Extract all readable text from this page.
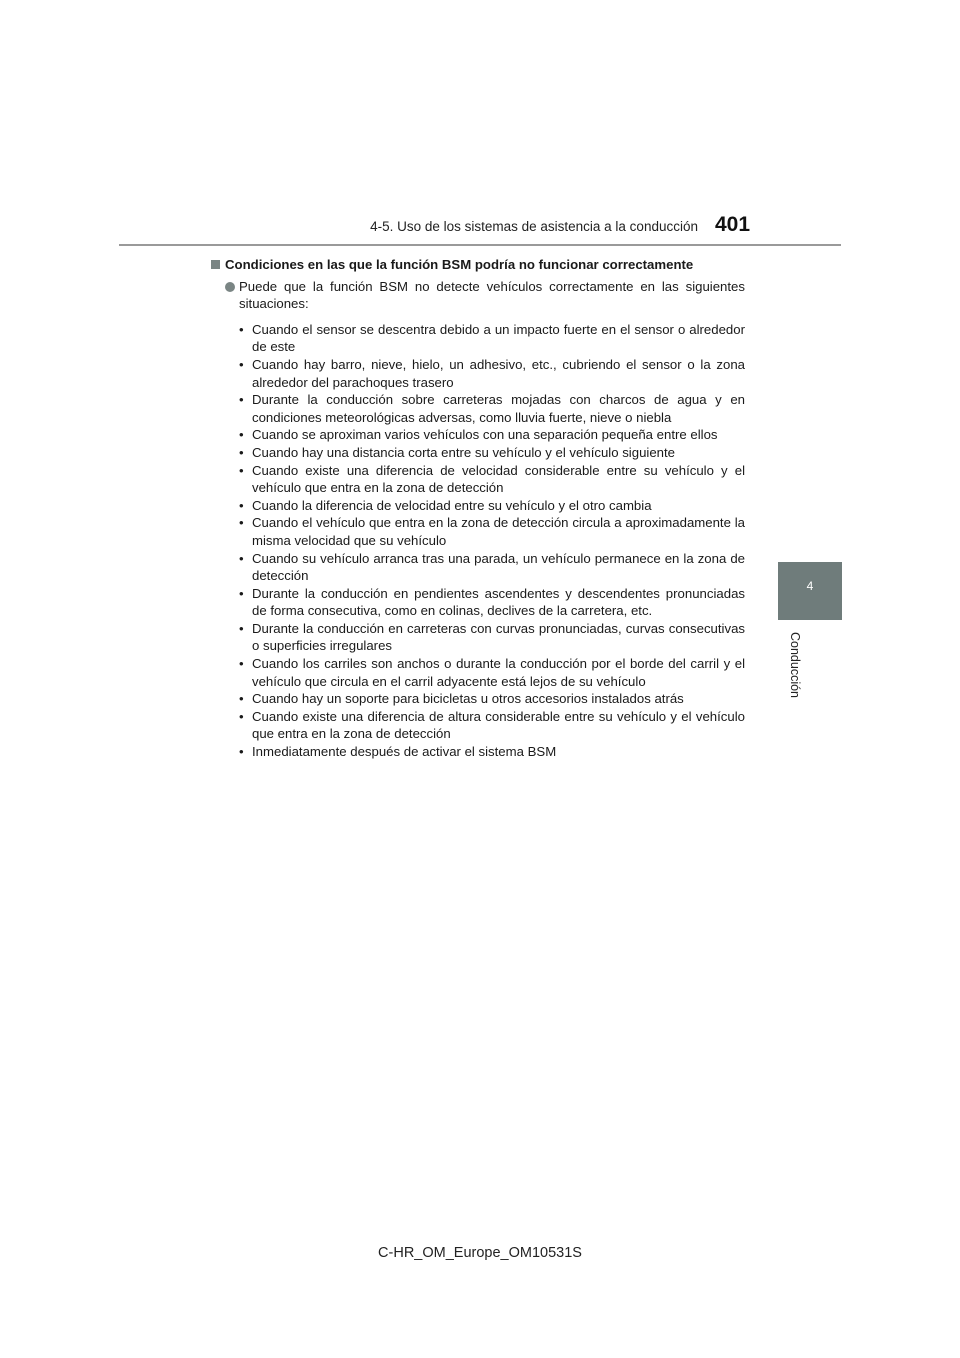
4-5. Uso de los sistemas de asistencia a la conducción 401
4
Conducción
Condiciones en las que la función BSM podría no funcionar correctamente
Puede que la función BSM no detecte vehículos correctamente en las siguientes situaciones:
• Cuando el sensor se descentra debido a un impacto fuerte en el sensor o alrededor de este
• Cuando hay barro, nieve, hielo, un adhesivo, etc., cubriendo el sensor o la zona alrededor del parachoques trasero
• Durante la conducción sobre carreteras mojadas con charcos de agua y en condiciones meteorológicas adversas, como lluvia fuerte, nieve o niebla
• Cuando se aproximan varios vehículos con una separación pequeña entre ellos
• Cuando hay una distancia corta entre su vehículo y el vehículo siguiente
• Cuando existe una diferencia de velocidad considerable entre su vehículo y el vehículo que entra en la zona de detección
• Cuando la diferencia de velocidad entre su vehículo y el otro cambia
• Cuando el vehículo que entra en la zona de detección circula a aproximadamente la misma velocidad que su vehículo
• Cuando su vehículo arranca tras una parada, un vehículo permanece en la zona de detección
• Durante la conducción en pendientes ascendentes y descendentes pronunciadas de forma consecutiva, como en colinas, declives de la carretera, etc.
• Durante la conducción en carreteras con curvas pronunciadas, curvas consecutivas o superficies irregulares
• Cuando los carriles son anchos o durante la conducción por el borde del carril y el vehículo que circula en el carril adyacente está lejos de su vehículo
• Cuando hay un soporte para bicicletas u otros accesorios instalados atrás
• Cuando existe una diferencia de altura considerable entre su vehículo y el vehículo que entra en la zona de detección
• Inmediatamente después de activar el sistema BSM
C-HR_OM_Europe_OM10531S
